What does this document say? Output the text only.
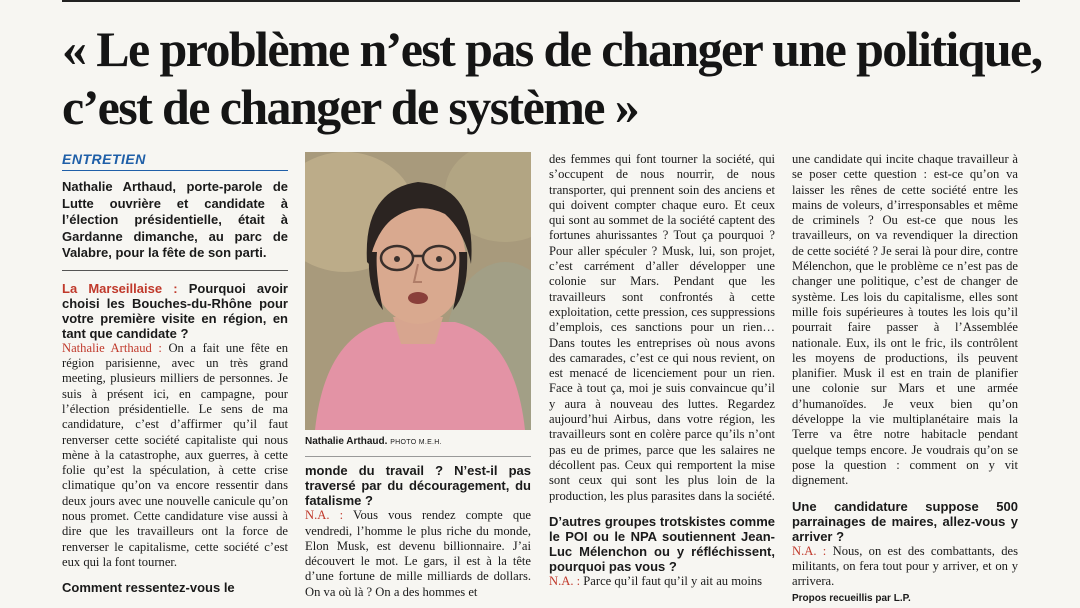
« Le problème n’est pas de changer une politique, c’est de changer de système »
ENTRETIEN

Nathalie Arthaud, porte-parole de Lutte ouvrière et candidate à l’élection présidentielle, était à Gardanne dimanche, au parc de Valabre, pour la fête de son parti.

La Marseillaise : Pourquoi avoir choisi les Bouches-du-Rhône pour votre première visite en région, en tant que candidate ?

Nathalie Arthaud : On a fait une fête en région parisienne, avec un très grand meeting, plusieurs milliers de personnes. Je suis à présent ici, en campagne, pour l’élection présidentielle. Le sens de ma candidature, c’est d’affirmer qu’il faut renverser cette société capitaliste qui nous mène à la catastrophe, aux guerres, à cette folie qu’est la spéculation, à cette crise climatique qu’on va encore ressentir dans deux jours avec une nouvelle canicule qu’on nous promet. Cette candidature vise aussi à dire que les travailleurs ont la force de renverser le capitalisme, cette société c’est eux qui la font tourner.

Comment ressentez-vous le

Nathalie Arthaud. PHOTO M.E.H.

monde du travail ? N’est-il pas traversé par du découragement, du fatalisme ?

N.A. : Vous vous rendez compte que vendredi, l’homme le plus riche du monde, Elon Musk, est devenu billionnaire. J’ai découvert le mot. Le gars, il est à la tête d’une fortune de mille milliards de dollars. On va où là ? On a des hommes et

des femmes qui font tourner la société, qui s’occupent de nous nourrir, de nous transporter, qui prennent soin des anciens et qui doivent compter chaque euro. Et ceux qui sont au sommet de la société captent des fortunes ahurissantes ? Tout ça pourquoi ? Pour aller spéculer ? Musk, lui, son projet, c’est carrément d’aller développer une colonie sur Mars. Pendant que les travailleurs sont confrontés à cette exploitation, cette pression, ces suppressions d’emplois, ces sanctions pour un rien… Dans toutes les entreprises où nous avons des camarades, c’est ce qui nous revient, on est menacé de licenciement pour un rien. Face à tout ça, moi je suis convaincue qu’il y aura à nouveau des luttes. Regardez aujourd’hui Airbus, dans votre région, les travailleurs sont en colère parce qu’ils n’ont pas eu de primes, parce que les salaires ne décollent pas. Ceux qui remportent la mise sont ceux qui sont les plus loin de la production, les plus parasites dans la société.

D’autres groupes trotskistes comme le POI ou le NPA soutiennent Jean-Luc Mélenchon ou y réfléchissent, pourquoi pas vous ?

N.A. : Parce qu’il faut qu’il y ait au moins

une candidate qui incite chaque travailleur à se poser cette question : est-ce qu’on va laisser les rênes de cette société entre les mains de voleurs, d’irresponsables et même de criminels ? Ou est-ce que nous les travailleurs, on va revendiquer la direction de cette société ? Je serai là pour dire, contre Mélenchon, que le problème ce n’est pas de changer une politique, c’est de changer de système. Les lois du capitalisme, elles sont mille fois supérieures à toutes les lois qu’il pourrait faire passer à l’Assemblée nationale. Eux, ils ont le fric, ils contrôlent les moyens de productions, ils peuvent planifier. Musk il est en train de planifier une colonie sur Mars et une armée d’humanoïdes. Je veux bien qu’on développe la vie multiplanétaire mais la Terre va être notre habitacle pendant quelque temps encore. Je voudrais qu’on se pose la question : comment on y vit dignement.

Une candidature suppose 500 parrainages de maires, allez-vous y arriver ?

N.A. : Nous, on est des combattants, des militants, on fera tout pour y arriver, et on y arrivera.

Propos recueillis par L.P.
